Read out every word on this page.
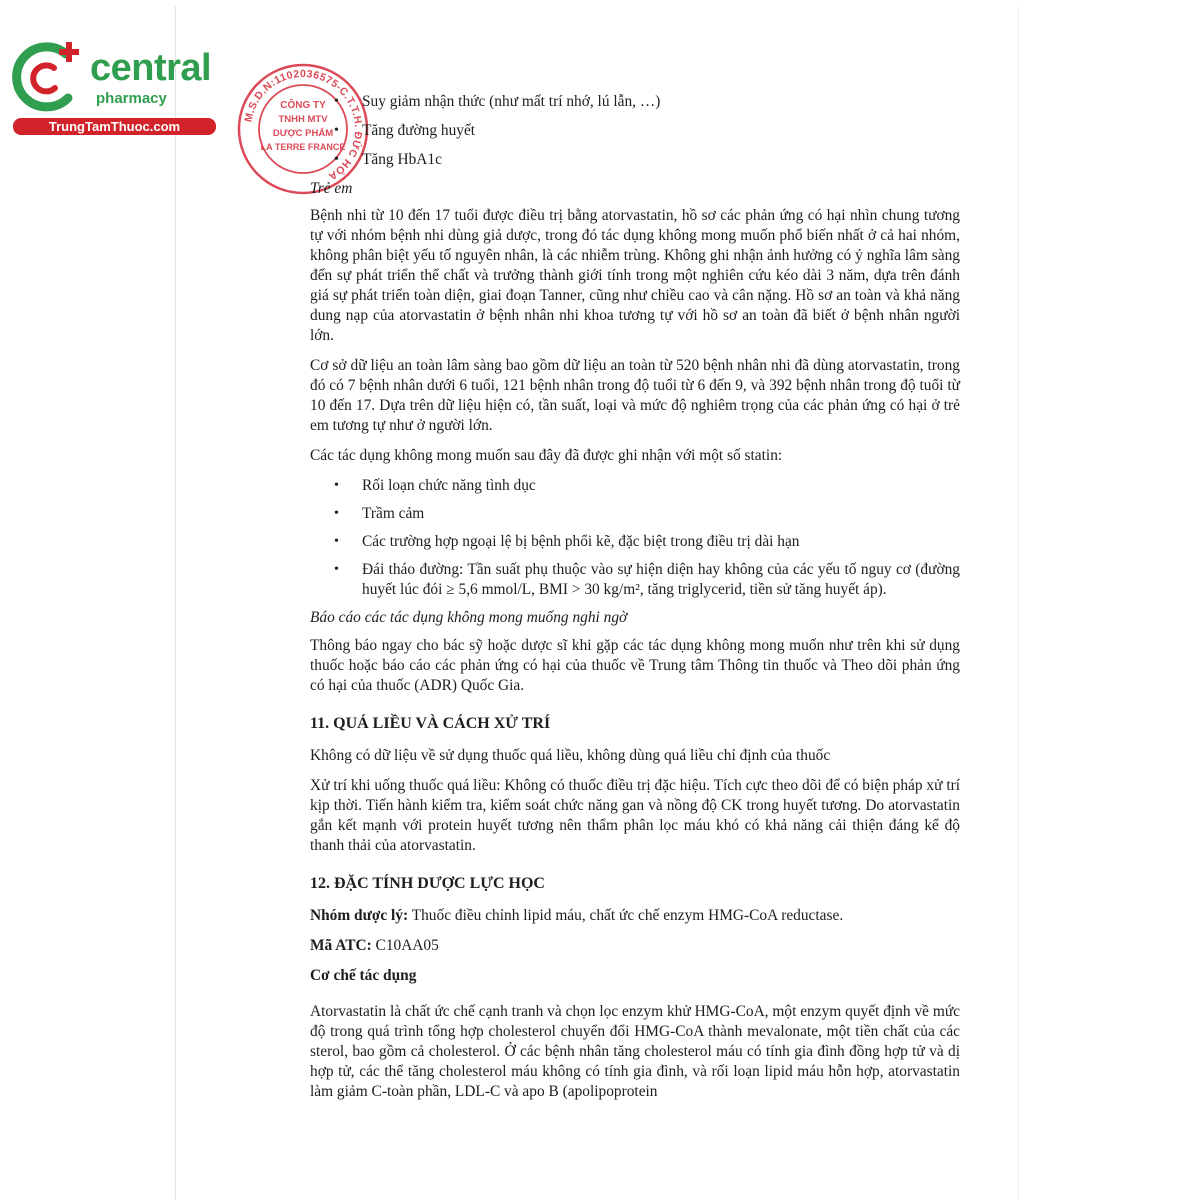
central
pharmacy
TrungTamThuoc.com
M.S.D.N:1102036575-C.T.T.H. ĐỨC HÒA
CÔNG TY
TNHH MTV
DƯỢC PHẨM
LA TERRE FRANCE
• Suy giảm nhận thức (như mất trí nhớ, lú lẫn, …)
• Tăng đường huyết
• Tăng HbA1c

Trẻ em

Bệnh nhi từ 10 đến 17 tuổi được điều trị bằng atorvastatin, hồ sơ các phản ứng có hại nhìn chung tương tự với nhóm bệnh nhi dùng giả dược, trong đó tác dụng không mong muốn phổ biến nhất ở cả hai nhóm, không phân biệt yếu tố nguyên nhân, là các nhiễm trùng. Không ghi nhận ảnh hưởng có ý nghĩa lâm sàng đến sự phát triển thể chất và trưởng thành giới tính trong một nghiên cứu kéo dài 3 năm, dựa trên đánh giá sự phát triển toàn diện, giai đoạn Tanner, cũng như chiều cao và cân nặng. Hồ sơ an toàn và khả năng dung nạp của atorvastatin ở bệnh nhân nhi khoa tương tự với hồ sơ an toàn đã biết ở bệnh nhân người lớn.

Cơ sở dữ liệu an toàn lâm sàng bao gồm dữ liệu an toàn từ 520 bệnh nhân nhi đã dùng atorvastatin, trong đó có 7 bệnh nhân dưới 6 tuổi, 121 bệnh nhân trong độ tuổi từ 6 đến 9, và 392 bệnh nhân trong độ tuổi từ 10 đến 17. Dựa trên dữ liệu hiện có, tần suất, loại và mức độ nghiêm trọng của các phản ứng có hại ở trẻ em tương tự như ở người lớn.

Các tác dụng không mong muốn sau đây đã được ghi nhận với một số statin:

• Rối loạn chức năng tình dục
• Trầm cảm
• Các trường hợp ngoại lệ bị bệnh phổi kẽ, đặc biệt trong điều trị dài hạn
• Đái tháo đường: Tần suất phụ thuộc vào sự hiện diện hay không của các yếu tố nguy cơ (đường huyết lúc đói ≥ 5,6 mmol/L, BMI > 30 kg/m², tăng triglycerid, tiền sử tăng huyết áp).

Báo cáo các tác dụng không mong muống nghi ngờ

Thông báo ngay cho bác sỹ hoặc dược sĩ khi gặp các tác dụng không mong muốn như trên khi sử dụng thuốc hoặc báo cáo các phản ứng có hại của thuốc về Trung tâm Thông tin thuốc và Theo dõi phản ứng có hại của thuốc (ADR) Quốc Gia.

11. QUÁ LIỀU VÀ CÁCH XỬ TRÍ

Không có dữ liệu về sử dụng thuốc quá liều, không dùng quá liều chỉ định của thuốc

Xử trí khi uống thuốc quá liều: Không có thuốc điều trị đặc hiệu. Tích cực theo dõi để có biện pháp xử trí kịp thời. Tiến hành kiểm tra, kiểm soát chức năng gan và nồng độ CK trong huyết tương. Do atorvastatin gắn kết mạnh với protein huyết tương nên thẩm phân lọc máu khó có khả năng cải thiện đáng kể độ thanh thải của atorvastatin.

12. ĐẶC TÍNH DƯỢC LỰC HỌC

Nhóm dược lý: Thuốc điều chỉnh lipid máu, chất ức chế enzym HMG-CoA reductase.

Mã ATC: C10AA05

Cơ chế tác dụng

Atorvastatin là chất ức chế cạnh tranh và chọn lọc enzym khử HMG-CoA, một enzym quyết định về mức độ trong quá trình tổng hợp cholesterol chuyển đổi HMG-CoA thành mevalonate, một tiền chất của các sterol, bao gồm cả cholesterol. Ở các bệnh nhân tăng cholesterol máu có tính gia đình đồng hợp tử và dị hợp tử, các thể tăng cholesterol máu không có tính gia đình, và rối loạn lipid máu hỗn hợp, atorvastatin làm giảm C-toàn phần, LDL-C và apo B (apolipoprotein
